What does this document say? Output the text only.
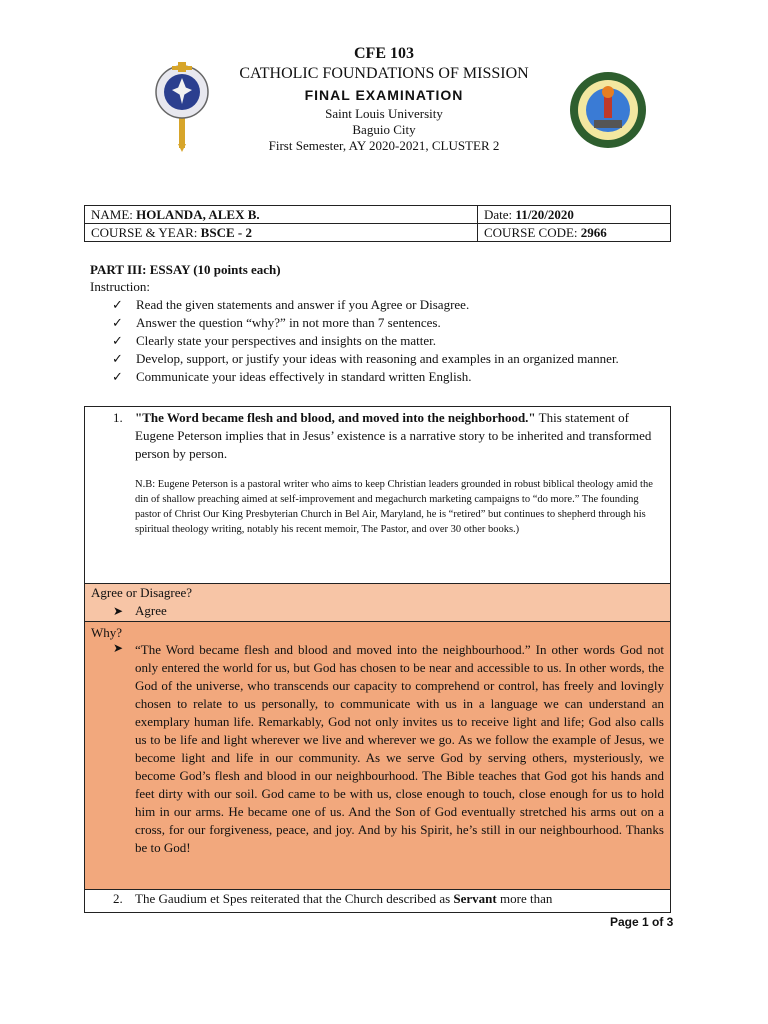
CFE 103
CATHOLIC FOUNDATIONS OF MISSION
FINAL EXAMINATION
Saint Louis University
Baguio City
First Semester, AY 2020-2021, CLUSTER 2
NAME: HOLANDA, ALEX B.	Date: 11/20/2020
COURSE & YEAR: BSCE - 2	COURSE CODE: 2966
PART III: ESSAY (10 points each)
Instruction:
✓ Read the given statements and answer if you Agree or Disagree.
✓ Answer the question “why?” in not more than 7 sentences.
✓ Clearly state your perspectives and insights on the matter.
✓ Develop, support, or justify your ideas with reasoning and examples in an organized manner.
✓ Communicate your ideas effectively in standard written English.
1. "The Word became flesh and blood, and moved into the neighborhood." This statement of Eugene Peterson implies that in Jesus’ existence is a narrative story to be inherited and transformed person by person.
N.B: Eugene Peterson is a pastoral writer who aims to keep Christian leaders grounded in robust biblical theology amid the din of shallow preaching aimed at self-improvement and megachurch marketing campaigns to “do more.” The founding pastor of Christ Our King Presbyterian Church in Bel Air, Maryland, he is “retired” but continues to shepherd through his spiritual theology writing, notably his recent memoir, The Pastor, and over 30 other books.)
Agree or Disagree?
➤ Agree
Why?
➤ “The Word became flesh and blood and moved into the neighbourhood.” In other words God not only entered the world for us, but God has chosen to be near and accessible to us. In other words, the God of the universe, who transcends our capacity to comprehend or control, has freely and lovingly chosen to relate to us personally, to communicate with us in a language we can understand an exemplary human life. Remarkably, God not only invites us to receive light and life; God also calls us to be life and light wherever we live and wherever we go. As we follow the example of Jesus, we become light and life in our community. As we serve God by serving others, mysteriously, we become God’s flesh and blood in our neighbourhood. The Bible teaches that God got his hands and feet dirty with our soil. God came to be with us, close enough to touch, close enough for us to hold him in our arms. He became one of us. And the Son of God eventually stretched his arms out on a cross, for our forgiveness, peace, and joy. And by his Spirit, he’s still in our neighbourhood. Thanks be to God!
2. The Gaudium et Spes reiterated that the Church described as Servant more than
Page 1 of 3
